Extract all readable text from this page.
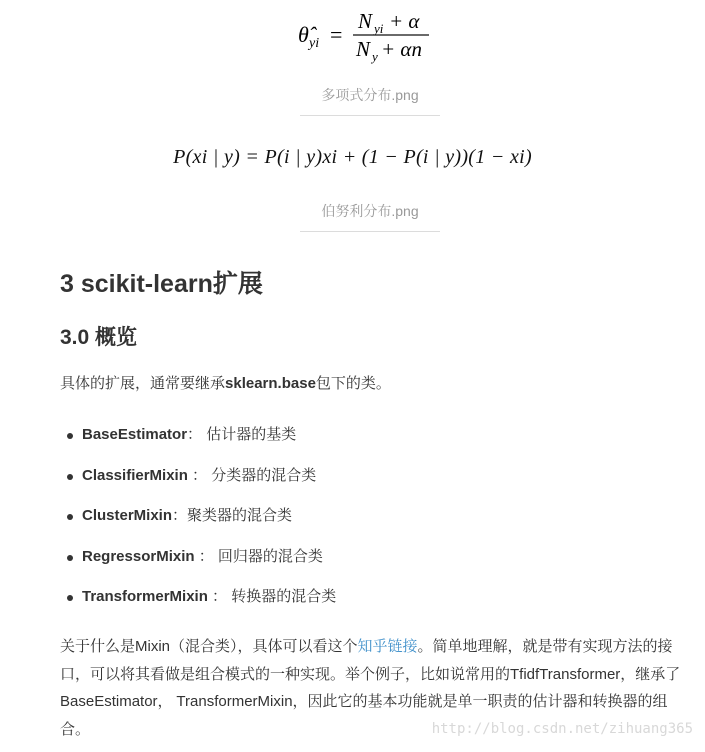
θ̂ yi =
N yi + α
N y + αn
多项式分布.png
P(xi | y) = P(i | y)xi + (1 − P(i | y))(1 − xi)
伯努利分布.png
3 scikit-learn扩展
3.0 概览

具体的扩展，通常要继承sklearn.base包下的类。

BaseEstimator： 估计器的基类
ClassifierMixin ： 分类器的混合类
ClusterMixin：聚类器的混合类
RegressorMixin ： 回归器的混合类
TransformerMixin ： 转换器的混合类

关于什么是Mixin（混合类），具体可以看这个知乎链接。简单地理解，就是带有实现方法的接口，可以将其看做是组合模式的一种实现。举个例子，比如说常用的TfidfTransformer，继承了BaseEstimator， TransformerMixin，因此它的基本功能就是单一职责的估计器和转换器的组合。	http://blog.csdn.net/zihuang365
